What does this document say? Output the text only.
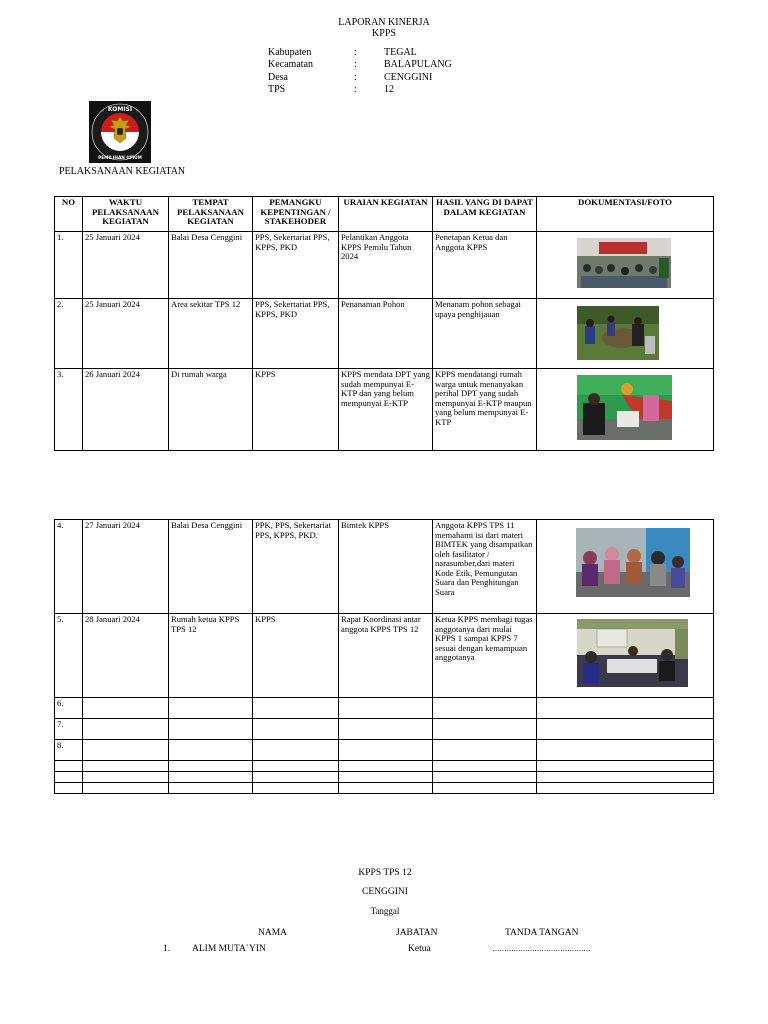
LAPORAN KINERJA
KPPS
Kabupaten	:	TEGAL
Kecamatan	:	BALAPULANG
Desa	:	CENGGINI
TPS	:	12
KOMISI
PEMILIHAN UMUM
PELAKSANAAN KEGIATAN
NO	WAKTU PELAKSANAAN KEGIATAN	TEMPAT PELAKSANAAN KEGIATAN	PEMANGKU KEPENTINGAN / STAKEHODER	URAIAN KEGIATAN	HASIL YANG DI DAPAT DALAM KEGIATAN	DOKUMENTASI/FOTO
1.	25 Januari 2024	Balai Desa Cenggini	PPS, Sekertariat PPS, KPPS, PKD	Pelantikan Anggota KPPS Pemilu Tahun 2024	Penetapan Ketua dan Anggota KPPS	
2.	25 Januari 2024	Area sekitar TPS 12	PPS, Sekertariat PPS, KPPS, PKD	Penanaman Pohon	Menanam pohon sebagai upaya penghijauan	
3.	26 Januari 2024	Di rumah warga	KPPS	KPPS mendata DPT yang sudah mempunyai E- KTP dan yang belum mempunyai E-KTP	KPPS mendatangi rumah warga untuk menanyakan perihal DPT yang sudah mempunyai E-KTP maupun yang belum mempunyai E-KTP	
4.	27 Januari 2024	Balai Desa Cenggini	PPK, PPS, Sekertariat PPS, KPPS, PKD.	Bimtek KPPS	Anggota KPPS TPS 11 memahami isi dari materi BIMTEK yang disampaikan oleh fasilitator / narasumber,dari materi Kode Etik, Pemungutan Suara dan Penghitungan Suara	
5.	28 Januari 2024	Rumah ketua KPPS TPS 12	KPPS	Rapat Koordinasi antar anggota KPPS TPS 12	Ketua KPPS membagi tugas anggotanya dari mulai KPPS 1 sampai KPPS 7 sesuai dengan kemampuan anggotanya	
6.						
7.						
8.						

KPPS TPS 12
CENGGINI
Tanggal
NAMA	JABATAN	TANDA TANGAN
1. ALIM MUTA`YIN	Ketua	……………………………………
